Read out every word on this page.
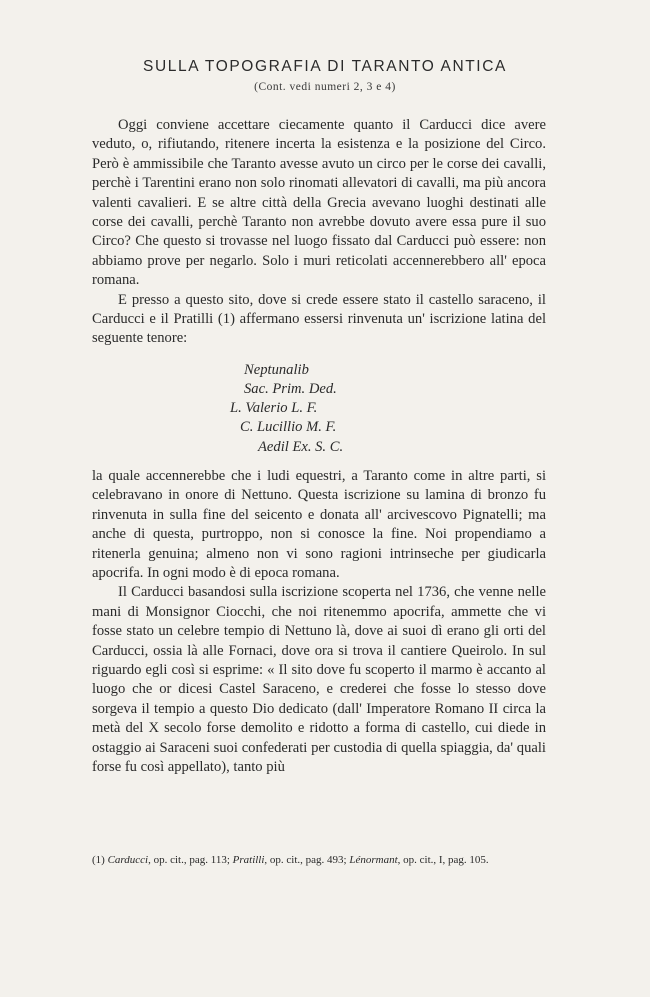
SULLA TOPOGRAFIA DI TARANTO ANTICA
(Cont. vedi numeri 2, 3 e 4)

Oggi conviene accettare ciecamente quanto il Carducci dice avere veduto, o, rifiutando, ritenere incerta la esistenza e la posizione del Circo. Però è ammissibile che Taranto avesse avuto un circo per le corse dei cavalli, perchè i Tarentini erano non solo rinomati allevatori di cavalli, ma più ancora valenti cavalieri. E se altre città della Grecia avevano luoghi destinati alle corse dei cavalli, perchè Taranto non avrebbe dovuto avere essa pure il suo Circo? Che questo si trovasse nel luogo fissato dal Carducci può essere: non abbiamo prove per negarlo. Solo i muri reticolati accennerebbero all' epoca romana.

E presso a questo sito, dove si crede essere stato il castello saraceno, il Carducci e il Pratilli (1) affermano essersi rinvenuta un' iscrizione latina del seguente tenore:

Neptunalib
Sac. Prim. Ded.
L. Valerio L. F.
C. Lucillio M. F.
Aedil Ex. S. C.

la quale accennerebbe che i ludi equestri, a Taranto come in altre parti, si celebravano in onore di Nettuno. Questa iscrizione su lamina di bronzo fu rinvenuta in sulla fine del seicento e donata all' arcivescovo Pignatelli; ma anche di questa, purtroppo, non si conosce la fine. Noi propendiamo a ritenerla genuina; almeno non vi sono ragioni intrinseche per giudicarla apocrifa. In ogni modo è di epoca romana.

Il Carducci basandosi sulla iscrizione scoperta nel 1736, che venne nelle mani di Monsignor Ciocchi, che noi ritenemmo apocrifa, ammette che vi fosse stato un celebre tempio di Nettuno là, dove ai suoi dì erano gli orti del Carducci, ossia là alle Fornaci, dove ora si trova il cantiere Queirolo. In sul riguardo egli così si esprime: « Il sito dove fu scoperto il marmo è accanto al luogo che or dicesi Castel Saraceno, e crederei che fosse lo stesso dove sorgeva il tempio a questo Dio dedicato (dall' Imperatore Romano II circa la metà del X secolo forse demolito e ridotto a forma di castello, cui diede in ostaggio ai Saraceni suoi confederati per custodia di quella spiaggia, da' quali forse fu così appellato), tanto più

(1) Carducci, op. cit., pag. 113; Pratilli, op. cit., pag. 493; Lénormant, op. cit., I, pag. 105.
